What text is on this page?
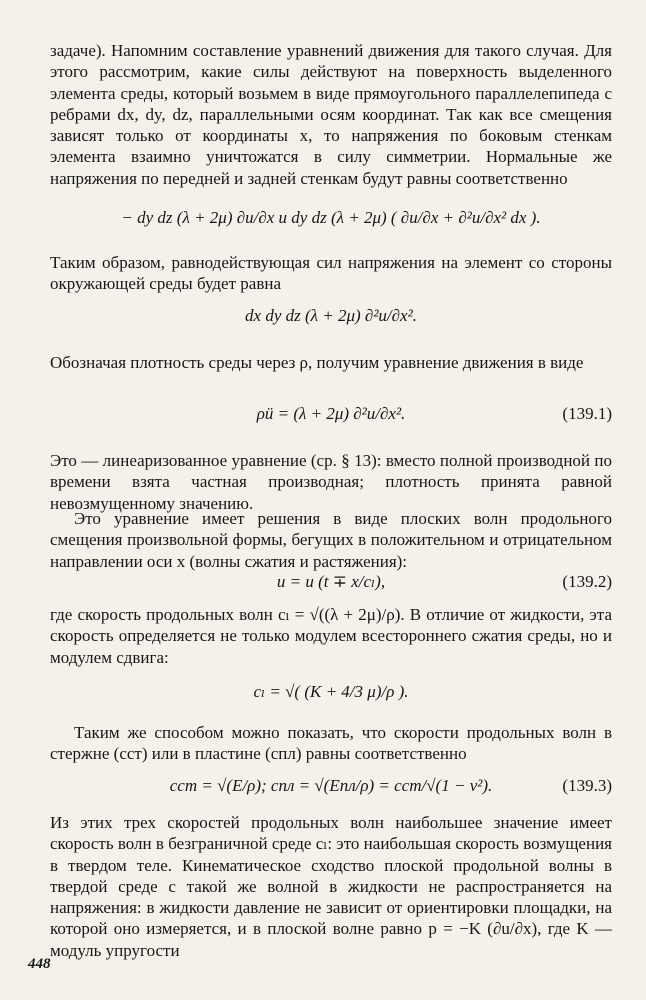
задаче). Напомним составление уравнений движения для такого случая. Для этого рассмотрим, какие силы действуют на поверхность выделенного элемента среды, который возьмем в виде прямоугольного параллелепипеда с ребрами dx, dy, dz, параллельными осям координат. Так как все смещения зависят только от координаты x, то напряжения по боковым стенкам элемента взаимно уничтожатся в силу симметрии. Нормальные же напряжения по передней и задней стенкам будут равны соответственно

− dy dz (λ + 2μ) ∂u/∂x и dy dz (λ + 2μ) ( ∂u/∂x + ∂²u/∂x² dx ).

Таким образом, равнодействующая сил напряжения на элемент со стороны окружающей среды будет равна

dx dy dz (λ + 2μ) ∂²u/∂x².

Обозначая плотность среды через ρ, получим уравнение движения в виде

ρü = (λ + 2μ) ∂²u/∂x².	(139.1)

Это — линеаризованное уравнение (ср. § 13): вместо полной производной по времени взята частная производная; плотность принята равной невозмущенному значению.

Это уравнение имеет решения в виде плоских волн продольного смещения произвольной формы, бегущих в положительном и отрицательном направлении оси x (волны сжатия и растяжения):

u = u (t ∓ x/cₗ),	(139.2)

где скорость продольных волн cₗ = √((λ + 2μ)/ρ). В отличие от жидкости, эта скорость определяется не только модулем всестороннего сжатия среды, но и модулем сдвига:

cₗ = √( (K + 4/3 μ)/ρ ).

Таким же способом можно показать, что скорости продольных волн в стержне (cст) или в пластине (cпл) равны соответственно

cст = √(E/ρ); cпл = √(Eпл/ρ) = cст/√(1 − ν²).	(139.3)

Из этих трех скоростей продольных волн наибольшее значение имеет скорость волн в безграничной среде cₗ: это наибольшая скорость возмущения в твердом теле. Кинематическое сходство плоской продольной волны в твердой среде с такой же волной в жидкости не распространяется на напряжения: в жидкости давление не зависит от ориентировки площадки, на которой оно измеряется, и в плоской волне равно p = −K (∂u/∂x), где K — модуль упругости

448
